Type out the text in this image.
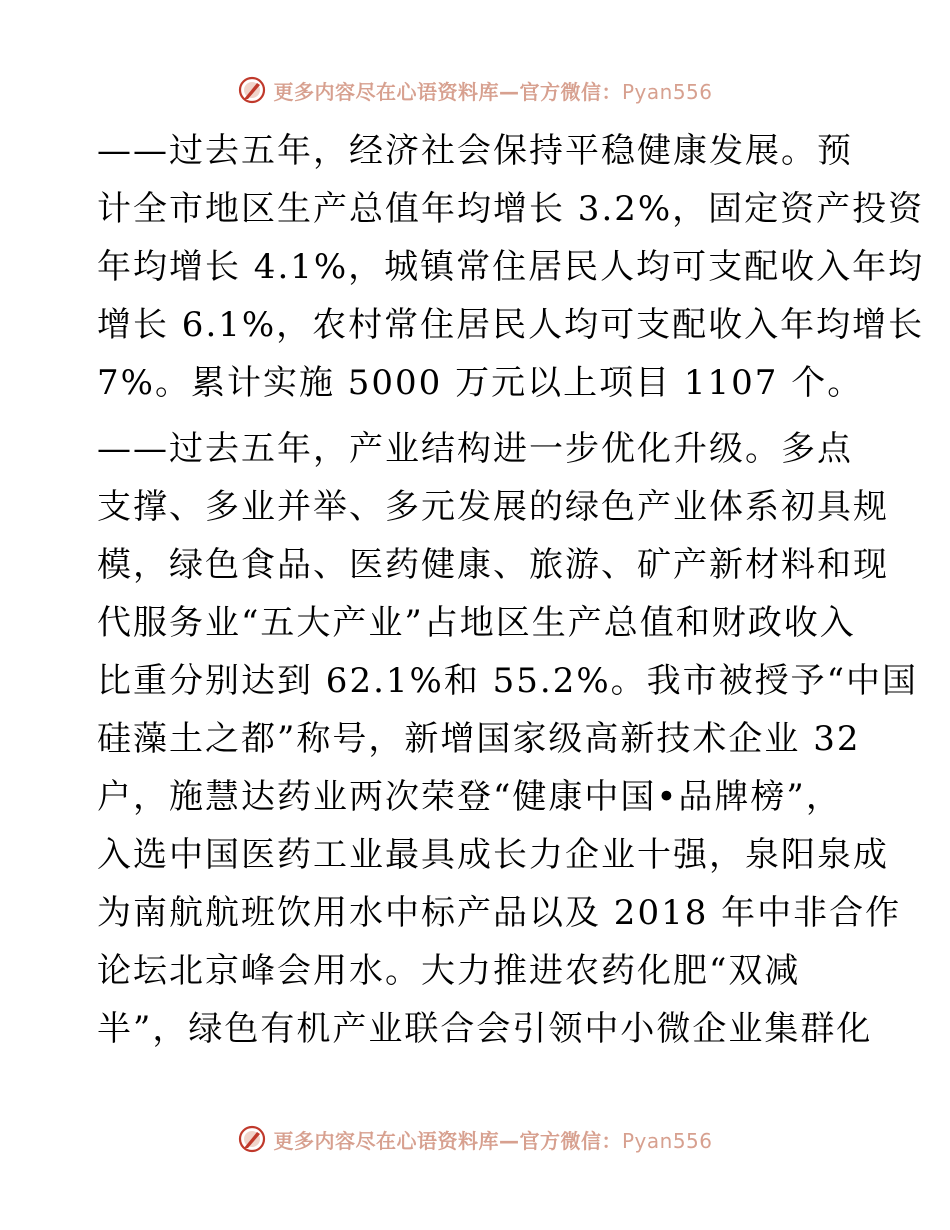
更多内容尽在心语资料库—官方微信：Pyan556
——过去五年，经济社会保持平稳健康发展。预
计全市地区生产总值年均增长 3.2%，固定资产投资
年均增长 4.1%，城镇常住居民人均可支配收入年均
增长 6.1%，农村常住居民人均可支配收入年均增长
7%。累计实施 5000 万元以上项目 1107 个。
——过去五年，产业结构进一步优化升级。多点
支撑、多业并举、多元发展的绿色产业体系初具规
模，绿色食品、医药健康、旅游、矿产新材料和现
代服务业“五大产业”占地区生产总值和财政收入
比重分别达到 62.1%和 55.2%。我市被授予“中国
硅藻土之都”称号，新增国家级高新技术企业 32
户，施慧达药业两次荣登“健康中国•品牌榜”，
入选中国医药工业最具成长力企业十强，泉阳泉成
为南航航班饮用水中标产品以及 2018 年中非合作
论坛北京峰会用水。大力推进农药化肥“双减
半”，绿色有机产业联合会引领中小微企业集群化
更多内容尽在心语资料库—官方微信：Pyan556
